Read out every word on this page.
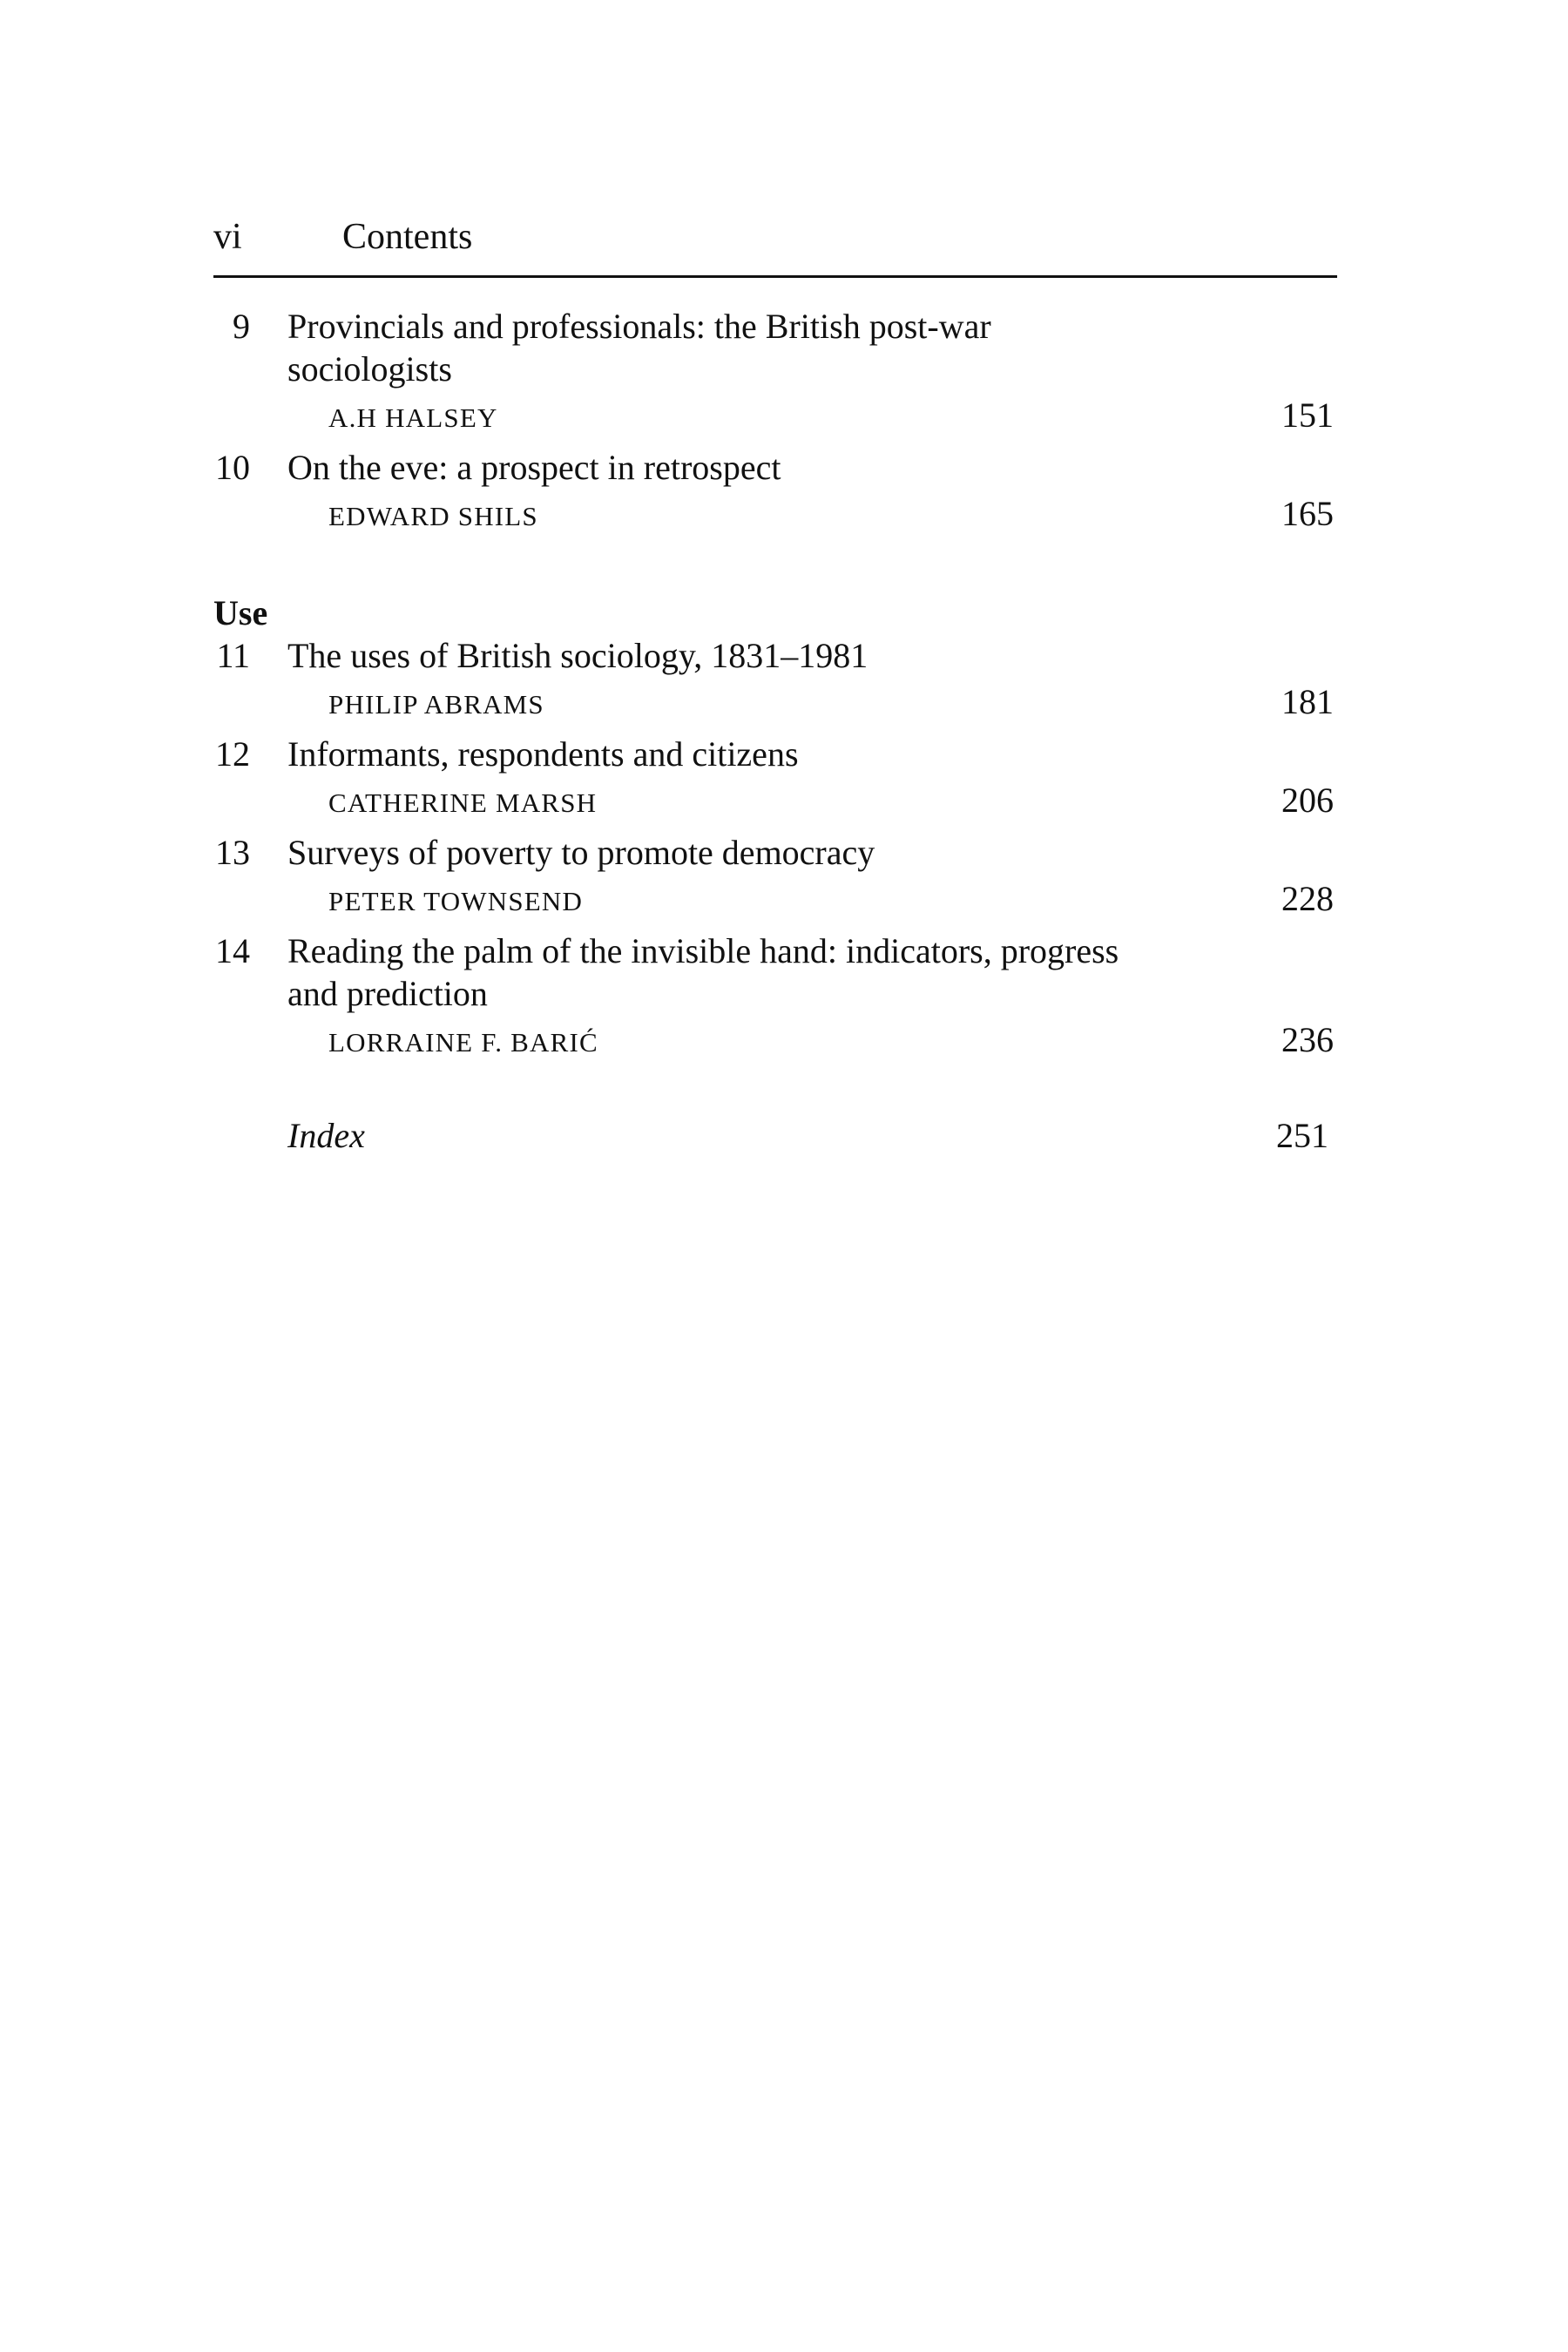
vi	Contents
9 Provincials and professionals: the British post-war
sociologists
A.H HALSEY	151
10 On the eve: a prospect in retrospect
EDWARD SHILS	165
Use
11 The uses of British sociology, 1831–1981
PHILIP ABRAMS	181
12 Informants, respondents and citizens
CATHERINE MARSH	206
13 Surveys of poverty to promote democracy
PETER TOWNSEND	228
14 Reading the palm of the invisible hand: indicators, progress
and prediction
LORRAINE F. BARIĆ	236
Index	251
